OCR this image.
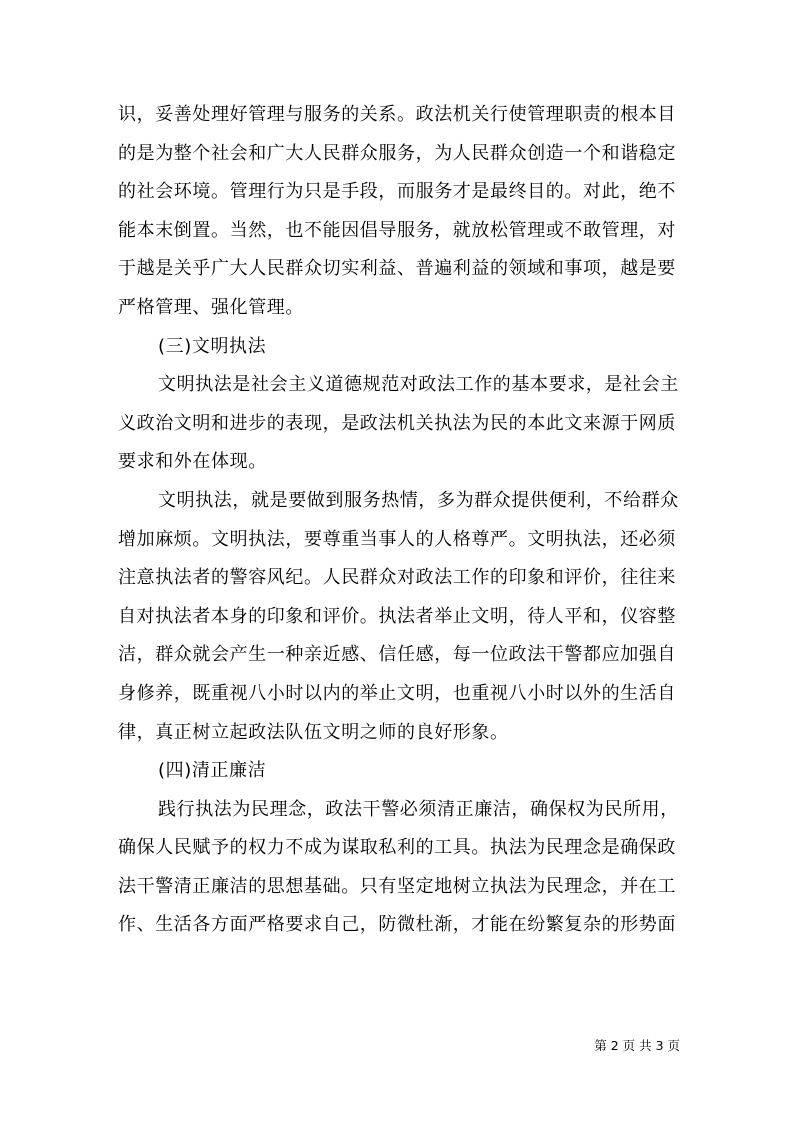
识，妥善处理好管理与服务的关系。政法机关行使管理职责的根本目
的是为整个社会和广大人民群众服务，为人民群众创造一个和谐稳定
的社会环境。管理行为只是手段，而服务才是最终目的。对此，绝不
能本末倒置。当然，也不能因倡导服务，就放松管理或不敢管理，对
于越是关乎广大人民群众切实利益、普遍利益的领域和事项，越是要
严格管理、强化管理。
(三)文明执法
文明执法是社会主义道德规范对政法工作的基本要求，是社会主
义政治文明和进步的表现，是政法机关执法为民的本此文来源于网质
要求和外在体现。
文明执法，就是要做到服务热情，多为群众提供便利，不给群众
增加麻烦。文明执法，要尊重当事人的人格尊严。文明执法，还必须
注意执法者的警容风纪。人民群众对政法工作的印象和评价，往往来
自对执法者本身的印象和评价。执法者举止文明，待人平和，仪容整
洁，群众就会产生一种亲近感、信任感，每一位政法干警都应加强自
身修养，既重视八小时以内的举止文明，也重视八小时以外的生活自
律，真正树立起政法队伍文明之师的良好形象。
(四)清正廉洁
践行执法为民理念，政法干警必须清正廉洁，确保权为民所用，
确保人民赋予的权力不成为谋取私利的工具。执法为民理念是确保政
法干警清正廉洁的思想基础。只有坚定地树立执法为民理念，并在工
作、生活各方面严格要求自己，防微杜渐，才能在纷繁复杂的形势面
第 2 页 共 3 页
